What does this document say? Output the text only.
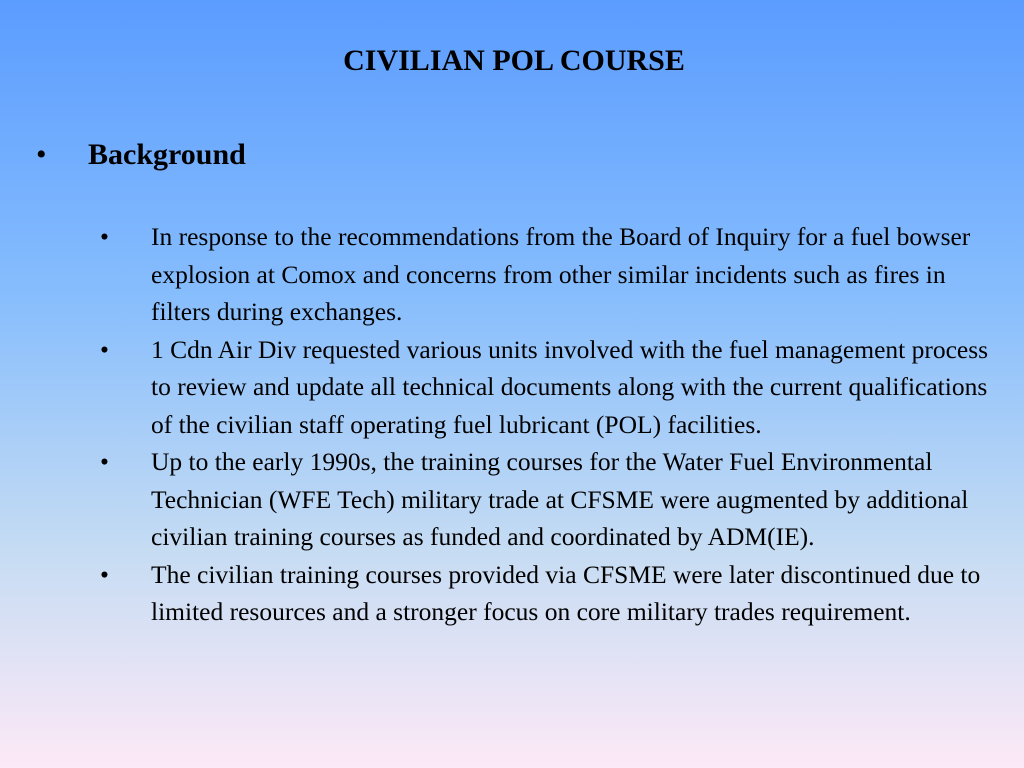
CIVILIAN POL COURSE
• Background
• In response to the recommendations from the Board of Inquiry for a fuel bowser explosion at Comox and concerns from other similar incidents such as fires in filters during exchanges.
• 1 Cdn Air Div requested various units involved with the fuel management process to review and update all technical documents along with the current qualifications of the civilian staff operating fuel lubricant (POL) facilities.
• Up to the early 1990s, the training courses for the Water Fuel Environmental Technician (WFE Tech) military trade at CFSME were augmented by additional civilian training courses as funded and coordinated by ADM(IE).
• The civilian training courses provided via CFSME were later discontinued due to limited resources and a stronger focus on core military trades requirement.
